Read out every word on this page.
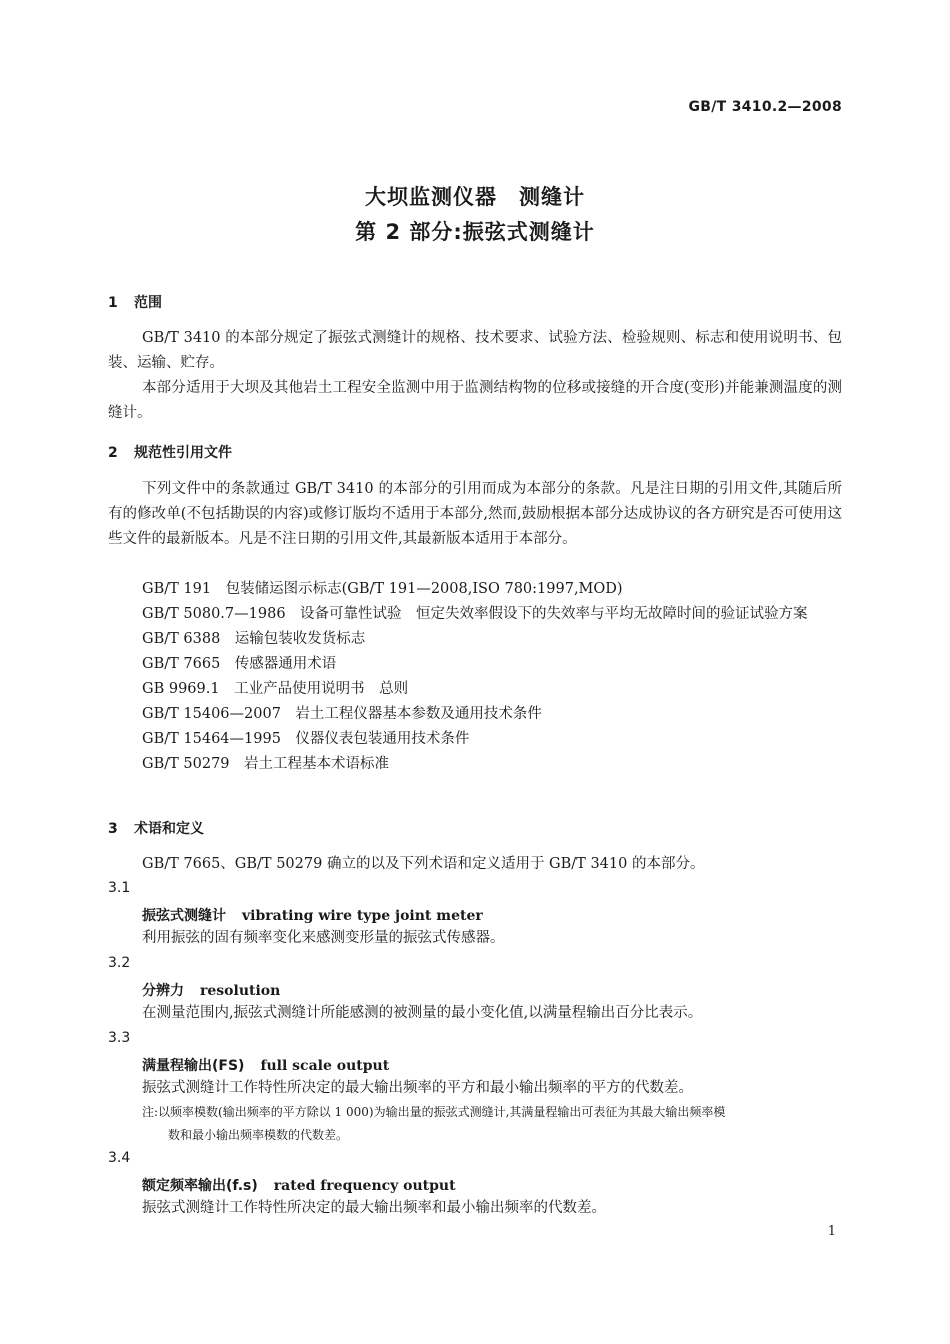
GB/T 3410.2—2008
大坝监测仪器　测缝计
第 2 部分:振弦式测缝计
1 范围

GB/T 3410 的本部分规定了振弦式测缝计的规格、技术要求、试验方法、检验规则、标志和使用说明书、包装、运输、贮存。

本部分适用于大坝及其他岩土工程安全监测中用于监测结构物的位移或接缝的开合度(变形)并能兼测温度的测缝计。

2 规范性引用文件

下列文件中的条款通过 GB/T 3410 的本部分的引用而成为本部分的条款。凡是注日期的引用文件,其随后所有的修改单(不包括勘误的内容)或修订版均不适用于本部分,然而,鼓励根据本部分达成协议的各方研究是否可使用这些文件的最新版本。凡是不注日期的引用文件,其最新版本适用于本部分。

GB/T 191　包装储运图示标志(GB/T 191—2008,ISO 780:1997,MOD)

GB/T 5080.7—1986　设备可靠性试验　恒定失效率假设下的失效率与平均无故障时间的验证试验方案

GB/T 6388　运输包装收发货标志

GB/T 7665　传感器通用术语

GB 9969.1　工业产品使用说明书　总则

GB/T 15406—2007　岩土工程仪器基本参数及通用技术条件

GB/T 15464—1995　仪器仪表包装通用技术条件

GB/T 50279　岩土工程基本术语标准

3 术语和定义

GB/T 7665、GB/T 50279 确立的以及下列术语和定义适用于 GB/T 3410 的本部分。

3.1
振弦式测缝计 vibrating wire type joint meter
利用振弦的固有频率变化来感测变形量的振弦式传感器。
3.2
分辨力 resolution
在测量范围内,振弦式测缝计所能感测的被测量的最小变化值,以满量程输出百分比表示。
3.3
满量程输出(FS) full scale output
振弦式测缝计工作特性所决定的最大输出频率的平方和最小输出频率的平方的代数差。
注:以频率模数(输出频率的平方除以 1 000)为输出量的振弦式测缝计,其满量程输出可表征为其最大输出频率模
数和最小输出频率模数的代数差。
3.4
额定频率输出(f.s) rated frequency output
振弦式测缝计工作特性所决定的最大输出频率和最小输出频率的代数差。
1
